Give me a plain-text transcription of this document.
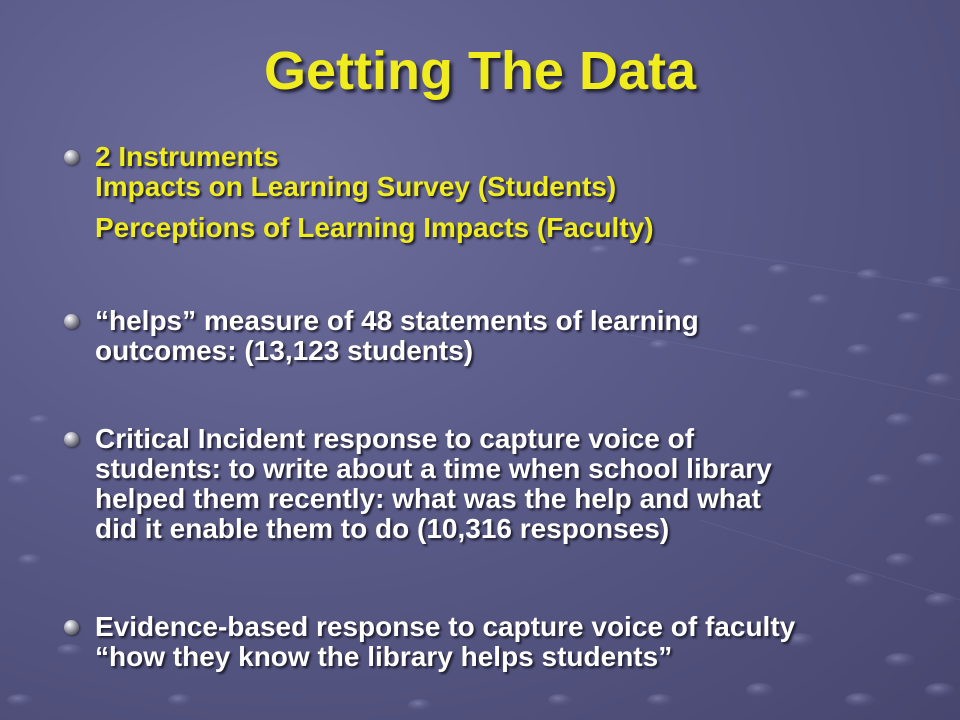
Getting The Data
2 Instruments
Impacts on Learning Survey (Students)
Perceptions of Learning Impacts (Faculty)
“helps” measure of 48 statements of learning
outcomes: (13,123 students)
Critical Incident response to capture voice of
students: to write about a time when school library
helped them recently: what was the help and what
did it enable them to do (10,316 responses)
Evidence-based response to capture voice of faculty
“how they know the library helps students”
